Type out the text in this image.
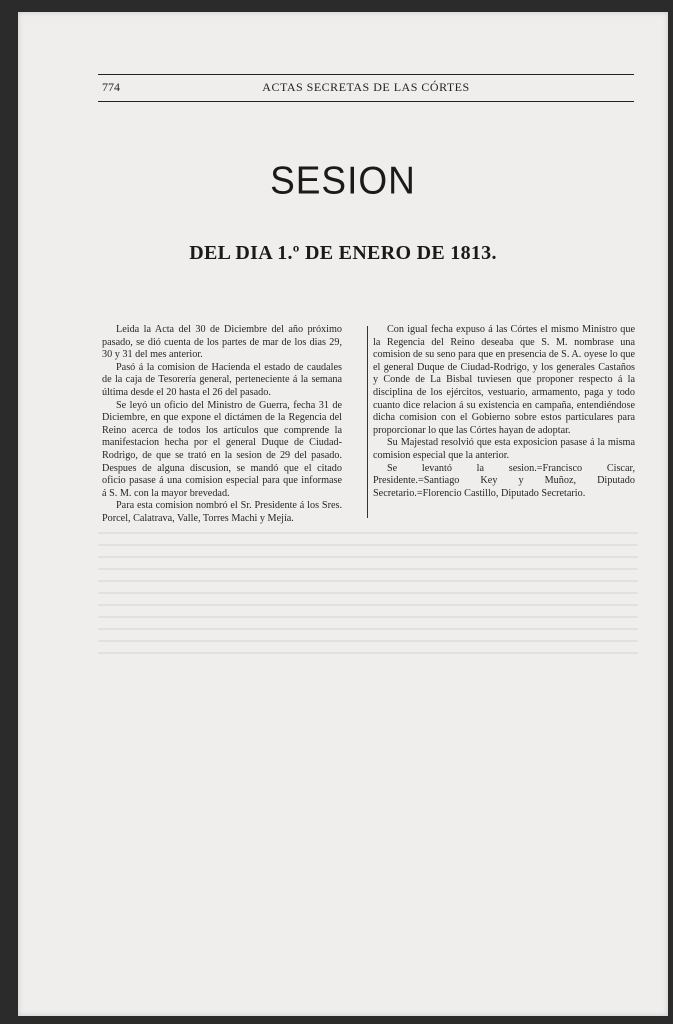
774	ACTAS SECRETAS DE LAS CÓRTES
SESION
DEL DIA 1.º DE ENERO DE 1813.

Leida la Acta del 30 de Diciembre del año próximo pasado, se dió cuenta de los partes de mar de los dias 29, 30 y 31 del mes anterior.

Pasó á la comision de Hacienda el estado de caudales de la caja de Tesorería general, perteneciente á la semana última desde el 20 hasta el 26 del pasado.

Se leyó un oficio del Ministro de Guerra, fecha 31 de Diciembre, en que expone el dictámen de la Regencia del Reino acerca de todos los artículos que comprende la manifestacion hecha por el general Duque de Ciudad-Rodrigo, de que se trató en la sesion de 29 del pasado. Despues de alguna discusion, se mandó que el citado oficio pasase á una comision especial para que informase á S. M. con la mayor brevedad.

Para esta comision nombró el Sr. Presidente á los Sres. Porcel, Calatrava, Valle, Torres Machi y Mejía.

Con igual fecha expuso á las Córtes el mismo Ministro que la Regencia del Reino deseaba que S. M. nombrase una comision de su seno para que en presencia de S. A. oyese lo que el general Duque de Ciudad-Rodrigo, y los generales Castaños y Conde de La Bisbal tuviesen que proponer respecto á la disciplina de los ejércitos, vestuario, armamento, paga y todo cuanto dice relacion á su existencia en campaña, entendiéndose dicha comision con el Gobierno sobre estos particulares para proporcionar lo que las Córtes hayan de adoptar.

Su Majestad resolvió que esta exposicion pasase á la misma comision especial que la anterior.

Se levantó la sesion.=Francisco Ciscar, Presidente.=Santiago Key y Muñoz, Diputado Secretario.=Florencio Castillo, Diputado Secretario.
